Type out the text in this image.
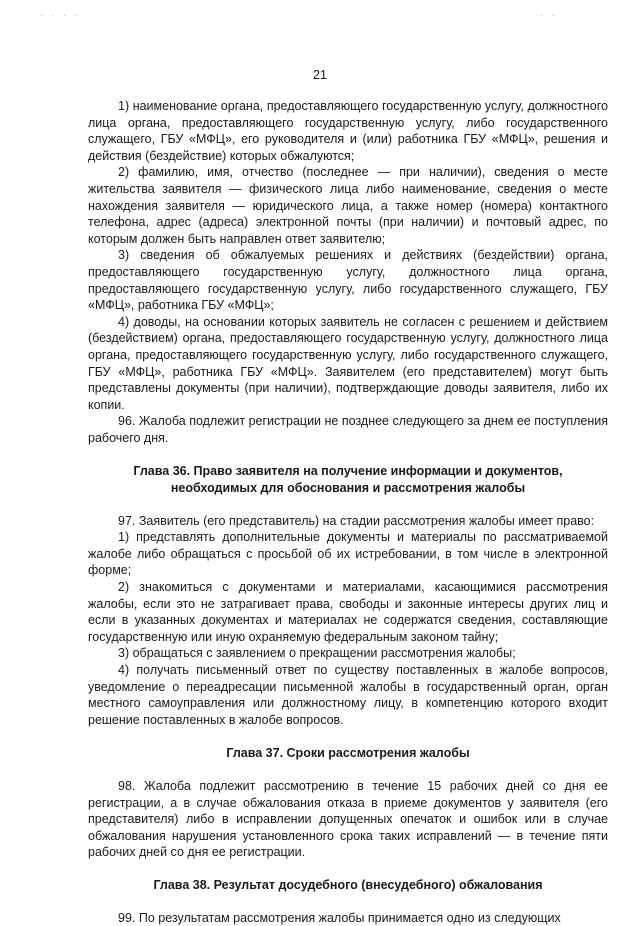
· · · ·	· ·
21

1) наименование органа, предоставляющего государственную услугу, должностного лица органа, предоставляющего государственную услугу, либо государственного служащего, ГБУ «МФЦ», его руководителя и (или) работника ГБУ «МФЦ», решения и действия (бездействие) которых обжалуются;

2) фамилию, имя, отчество (последнее — при наличии), сведения о месте жительства заявителя — физического лица либо наименование, сведения о месте нахождения заявителя — юридического лица, а также номер (номера) контактного телефона, адрес (адреса) электронной почты (при наличии) и почтовый адрес, по которым должен быть направлен ответ заявителю;

3) сведения об обжалуемых решениях и действиях (бездействии) органа, предоставляющего государственную услугу, должностного лица органа, предоставляющего государственную услугу, либо государственного служащего, ГБУ «МФЦ», работника ГБУ «МФЦ»;

4) доводы, на основании которых заявитель не согласен с решением и действием (бездействием) органа, предоставляющего государственную услугу, должностного лица органа, предоставляющего государственную услугу, либо государственного служащего, ГБУ «МФЦ», работника ГБУ «МФЦ». Заявителем (его представителем) могут быть представлены документы (при наличии), подтверждающие доводы заявителя, либо их копии.

96. Жалоба подлежит регистрации не позднее следующего за днем ее поступления рабочего дня.

Глава 36. Право заявителя на получение информации и документов,
необходимых для обоснования и рассмотрения жалобы

97. Заявитель (его представитель) на стадии рассмотрения жалобы имеет право:

1) представлять дополнительные документы и материалы по рассматриваемой жалобе либо обращаться с просьбой об их истребовании, в том числе в электронной форме;

2) знакомиться с документами и материалами, касающимися рассмотрения жалобы, если это не затрагивает права, свободы и законные интересы других лиц и если в указанных документах и материалах не содержатся сведения, составляющие государственную или иную охраняемую федеральным законом тайну;

3) обращаться с заявлением о прекращении рассмотрения жалобы;

4) получать письменный ответ по существу поставленных в жалобе вопросов, уведомление о переадресации письменной жалобы в государственный орган, орган местного самоуправления или должностному лицу, в компетенцию которого входит решение поставленных в жалобе вопросов.

Глава 37. Сроки рассмотрения жалобы

98. Жалоба подлежит рассмотрению в течение 15 рабочих дней со дня ее регистрации, а в случае обжалования отказа в приеме документов у заявителя (его представителя) либо в исправлении допущенных опечаток и ошибок или в случае обжалования нарушения установленного срока таких исправлений — в течение пяти рабочих дней со дня ее регистрации.

Глава 38. Результат досудебного (внесудебного) обжалования

99. По результатам рассмотрения жалобы принимается одно из следующих
